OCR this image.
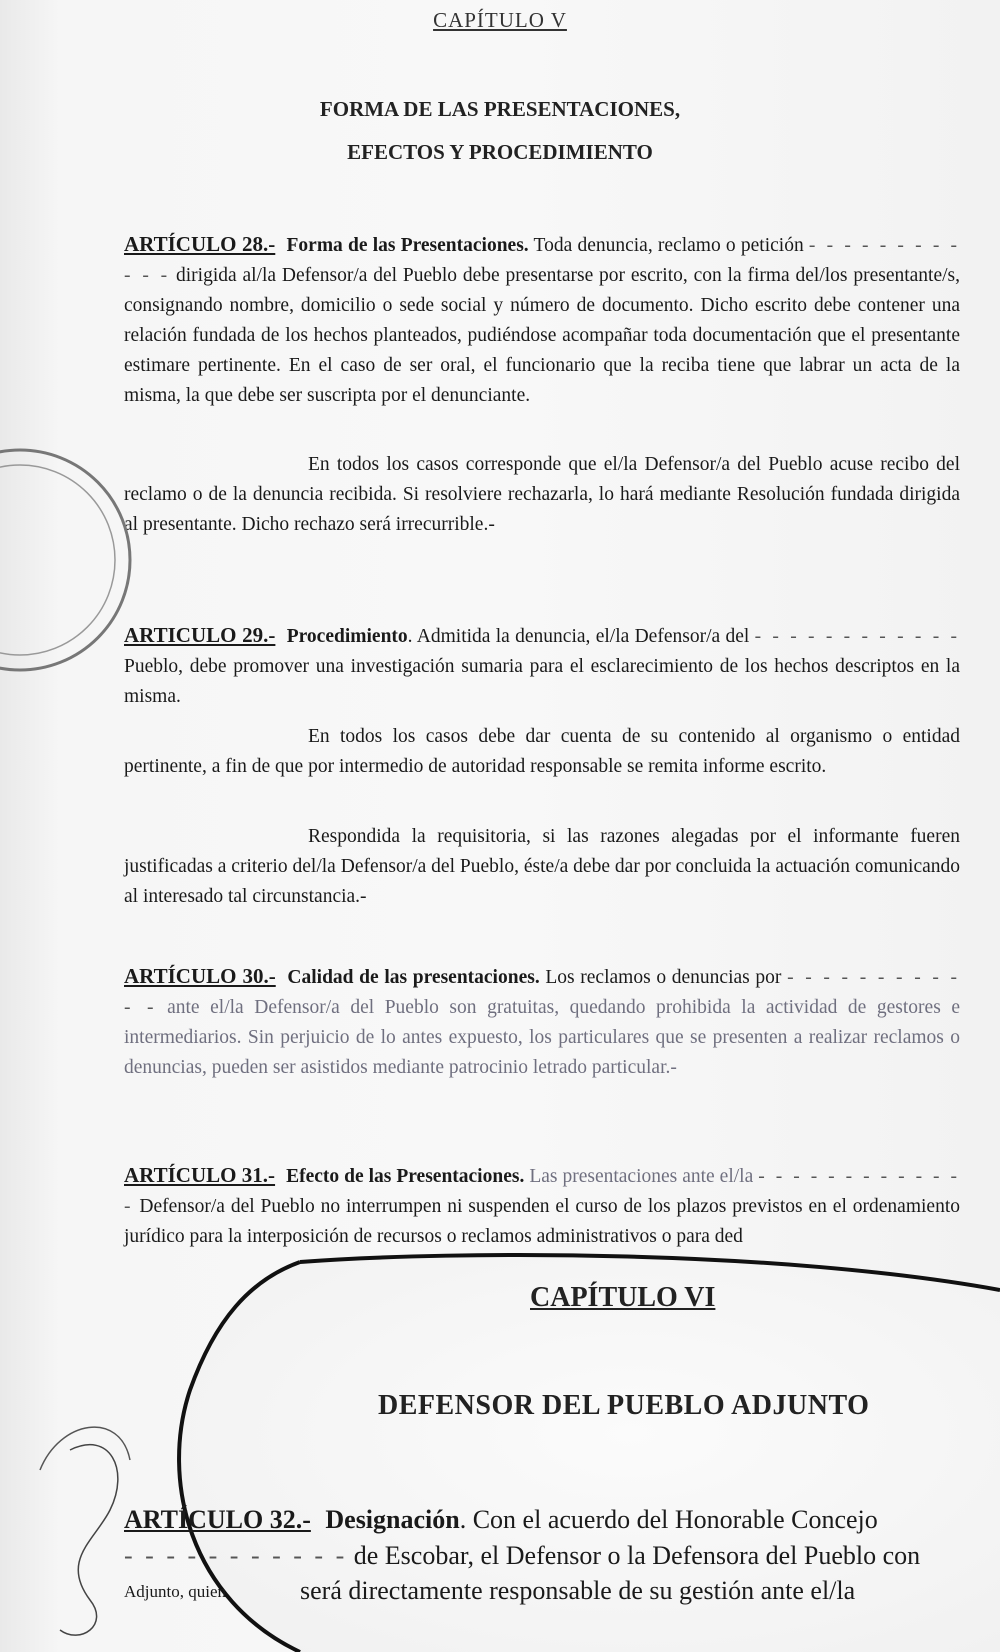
CAPÍTULO V
FORMA DE LAS PRESENTACIONES,
EFECTOS Y PROCEDIMIENTO
ARTÍCULO 28.- Forma de las Presentaciones. Toda denuncia, reclamo o petición - - - - - - - - - - - - dirigida al/la Defensor/a del Pueblo debe presentarse por escrito, con la firma del/los presentante/s, consignando nombre, domicilio o sede social y número de documento. Dicho escrito debe contener una relación fundada de los hechos planteados, pudiéndose acompañar toda documentación que el presentante estimare pertinente. En el caso de ser oral, el funcionario que la reciba tiene que labrar un acta de la misma, la que debe ser suscripta por el denunciante.
En todos los casos corresponde que el/la Defensor/a del Pueblo acuse recibo del reclamo o de la denuncia recibida. Si resolviere rechazarla, lo hará mediante Resolución fundada dirigida al presentante. Dicho rechazo será irrecurrible.-
ARTICULO 29.- Procedimiento. Admitida la denuncia, el/la Defensor/a del - - - - - - - - - - - - Pueblo, debe promover una investigación sumaria para el esclarecimiento de los hechos descriptos en la misma.
En todos los casos debe dar cuenta de su contenido al organismo o entidad pertinente, a fin de que por intermedio de autoridad responsable se remita informe escrito.
Respondida la requisitoria, si las razones alegadas por el informante fueren justificadas a criterio del/la Defensor/a del Pueblo, éste/a debe dar por concluida la actuación comunicando al interesado tal circunstancia.-
ARTÍCULO 30.- Calidad de las presentaciones. Los reclamos o denuncias por - - - - - - - - - - - - ante el/la Defensor/a del Pueblo son gratuitas, quedando prohibida la actividad de gestores e intermediarios. Sin perjuicio de lo antes expuesto, los particulares que se presenten a realizar reclamos o denuncias, pueden ser asistidos mediante patrocinio letrado particular.-
ARTÍCULO 31.- Efecto de las Presentaciones. Las presentaciones ante el/la - - - - - - - - - - - - - Defensor/a del Pueblo no interrumpen ni suspenden el curso de los plazos previstos en el ordenamiento jurídico para la interposición de recursos o reclamos administrativos o para ded
CAPÍTULO VI
DEFENSOR DEL PUEBLO ADJUNTO
ARTÍCULO 32.- Designación. Con el acuerdo del Honorable Concejo
- - - - - - - - - - - de Escobar, el Defensor o la Defensora del Pueblo con
Adjunto, quien	será directamente responsable de su gestión ante el/la
